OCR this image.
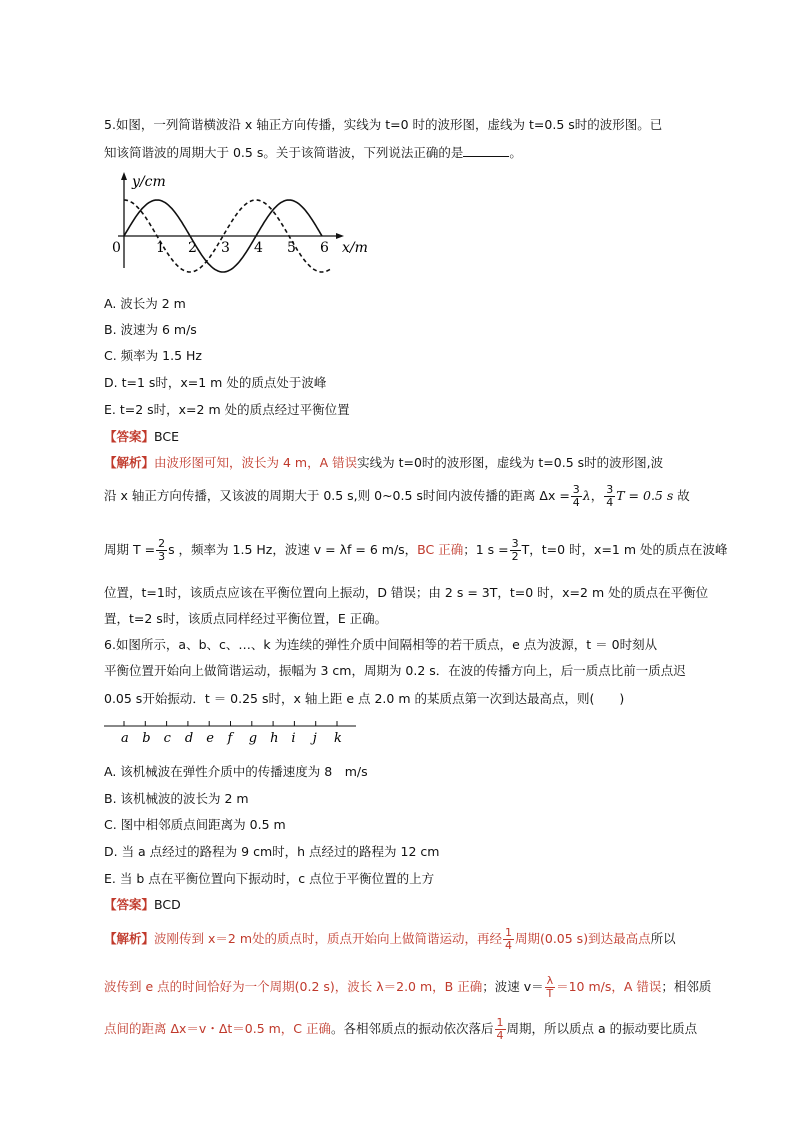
5.如图，一列简谐横波沿 x 轴正方向传播，实线为 t=0 时的波形图，虚线为 t=0.5 s时的波形图。已
知该简谐波的周期大于 0.5 s。关于该简谐波，下列说法正确的是	。
y/cm
x/m
0	1 2 3 4 5 6
A. 波长为 2 m
B. 波速为 6 m/s
C. 频率为 1.5 Hz
D. t=1 s时，x=1 m 处的质点处于波峰
E. t=2 s时，x=2 m 处的质点经过平衡位置
【答案】BCE
【解析】由波形图可知，波长为 4 m，A 错误实线为 t=0时的波形图，虚线为 t=0.5 s时的波形图,波
沿 x 轴正方向传播，又该波的周期大于 0.5 s,则 0~0.5 s时间内波传播的距离 $\Delta x = \frac{3}{4}$ λ， $\frac{3}{4}$ T = 0.5 s 故
周期 $T = \frac{2}{3}$ s ，频率为 1.5 Hz，波速 v = λf = 6 m/s，BC 正确；1 $s = \frac{3}{2}$ T，t=0 时，x=1 m 处的质点在波峰
位置，t=1时，该质点应该在平衡位置向上振动，D 错误；由 2 s = 3T，t=0 时，x=2 m 处的质点在平衡位
置，t=2 s时，该质点同样经过平衡位置，E 正确。
6.如图所示，a、b、c、…、k 为连续的弹性介质中间隔相等的若干质点，e 点为波源，t ＝ 0时刻从
平衡位置开始向上做简谐运动，振幅为 3 cm，周期为 0.2 s．在波的传播方向上，后一质点比前一质点迟
0.05 s开始振动．t ＝ 0.25 s时，x 轴上距 e 点 2.0 m 的某质点第一次到达最高点，则(　　)
a b c d e f g h i j k
A. 该机械波在弹性介质中的传播速度为 8　m/s
B. 该机械波的波长为 2 m
C. 图中相邻质点间距离为 0.5 m
D. 当 a 点经过的路程为 9 cm时，h 点经过的路程为 12 cm
E. 当 b 点在平衡位置向下振动时，c 点位于平衡位置的上方
【答案】BCD
【解析】波刚传到 x＝2 m处的质点时，质点开始向上做简谐运动，再经 $\frac{1}{4}$ 周期(0.05 s)到达最高点所以
波传到 e 点的时间恰好为一个周期(0.2 s)，波长 λ＝2.0 m，B 正确；波速 $v= \frac{\lambda}{T} =10$ m/s，A 错误；相邻质
点间的距离 Δx＝v・Δt＝0.5 m，C 正确。各相邻质点的振动依次落后 $\frac{1}{4}$ 周期，所以质点 a 的振动要比质点
